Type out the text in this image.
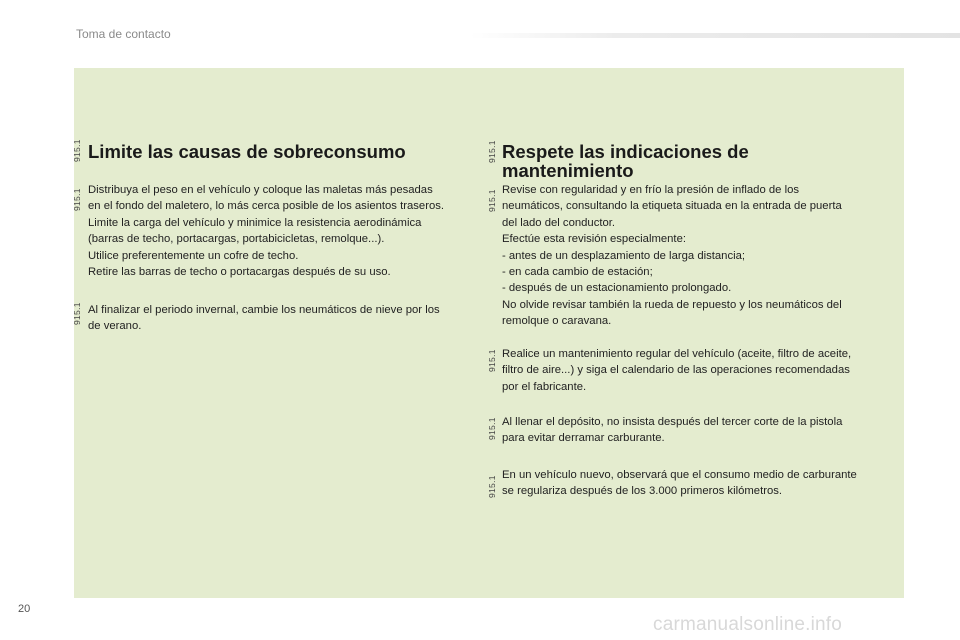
Toma de contacto
915.1 Limite las causas de sobreconsumo
915.1 Distribuya el peso en el vehículo y coloque las maletas más pesadas
en el fondo del maletero, lo más cerca posible de los asientos traseros.
Limite la carga del vehículo y minimice la resistencia aerodinámica
(barras de techo, portacargas, portabicicletas, remolque...).
Utilice preferentemente un cofre de techo.
Retire las barras de techo o portacargas después de su uso.

915.1 Al finalizar el periodo invernal, cambie los neumáticos de nieve por los
de verano.

915.1 Respete las indicaciones de
mantenimiento
915.1 Revise con regularidad y en frío la presión de inflado de los
neumáticos, consultando la etiqueta situada en la entrada de puerta
del lado del conductor.
Efectúe esta revisión especialmente:
- antes de un desplazamiento de larga distancia;
- en cada cambio de estación;
- después de un estacionamiento prolongado.
No olvide revisar también la rueda de repuesto y los neumáticos del
remolque o caravana.

915.1 Realice un mantenimiento regular del vehículo (aceite, filtro de aceite,
filtro de aire...) y siga el calendario de las operaciones recomendadas
por el fabricante.

915.1 Al llenar el depósito, no insista después del tercer corte de la pistola
para evitar derramar carburante.

915.1

En un vehículo nuevo, observará que el consumo medio de carburante
se regulariza después de los 3.000 primeros kilómetros.

20
carmanualsonline.info
